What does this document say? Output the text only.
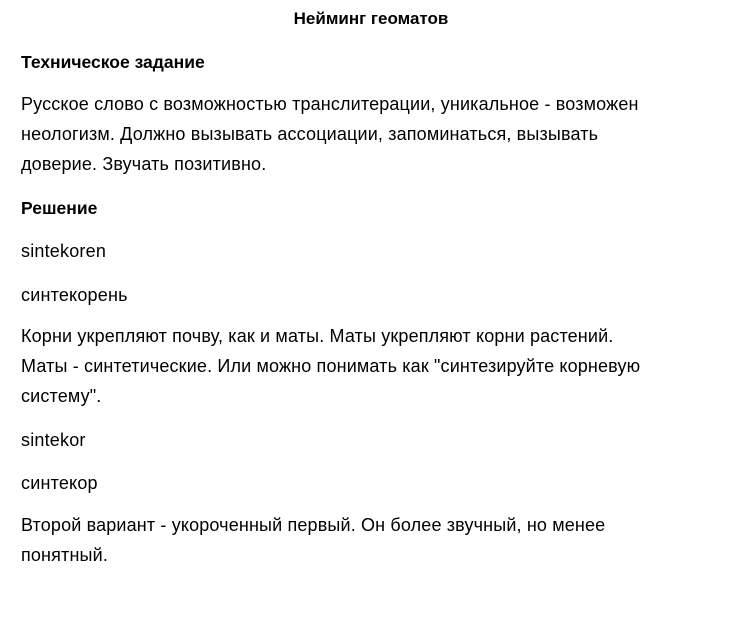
Нейминг геоматов
Техническое задание
Русское слово с возможностью транслитерации, уникальное - возможен
неологизм. Должно вызывать ассоциации, запоминаться, вызывать
доверие. Звучать позитивно.
Решение
sintekoren
синтекорень
Корни укрепляют почву, как и маты. Маты укрепляют корни растений.
Маты - синтетические. Или можно понимать как "синтезируйте корневую
систему".
sintekor
синтекор
Второй вариант - укороченный первый. Он более звучный, но менее
понятный.
